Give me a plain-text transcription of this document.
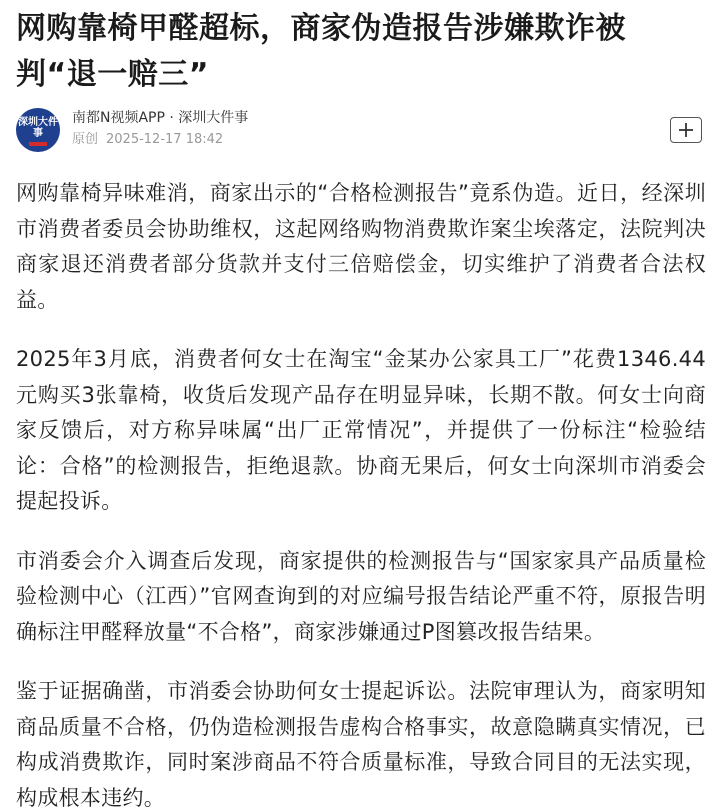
网购靠椅甲醛超标，商家伪造报告涉嫌欺诈被判“退一赔三”
深圳大件事
南都N视频APP · 深圳大件事
原创 2025-12-17 18:42

网购靠椅异味难消，商家出示的“合格检测报告”竟系伪造。近日，经深圳市消费者委员会协助维权，这起网络购物消费欺诈案尘埃落定，法院判决商家退还消费者部分货款并支付三倍赔偿金，切实维护了消费者合法权益。

2025年3月底，消费者何女士在淘宝“金某办公家具工厂”花费1346.44元购买3张靠椅，收货后发现产品存在明显异味，长期不散。何女士向商家反馈后，对方称异味属“出厂正常情况”，并提供了一份标注“检验结论：合格”的检测报告，拒绝退款。协商无果后，何女士向深圳市消委会提起投诉。

市消委会介入调查后发现，商家提供的检测报告与“国家家具产品质量检验检测中心（江西）”官网查询到的对应编号报告结论严重不符，原报告明确标注甲醛释放量“不合格”，商家涉嫌通过P图篡改报告结果。

鉴于证据确凿，市消委会协助何女士提起诉讼。法院审理认为，商家明知商品质量不合格，仍伪造检测报告虚构合格事实，故意隐瞒真实情况，已构成消费欺诈，同时案涉商品不符合质量标准，导致合同目的无法实现，构成根本违约。
